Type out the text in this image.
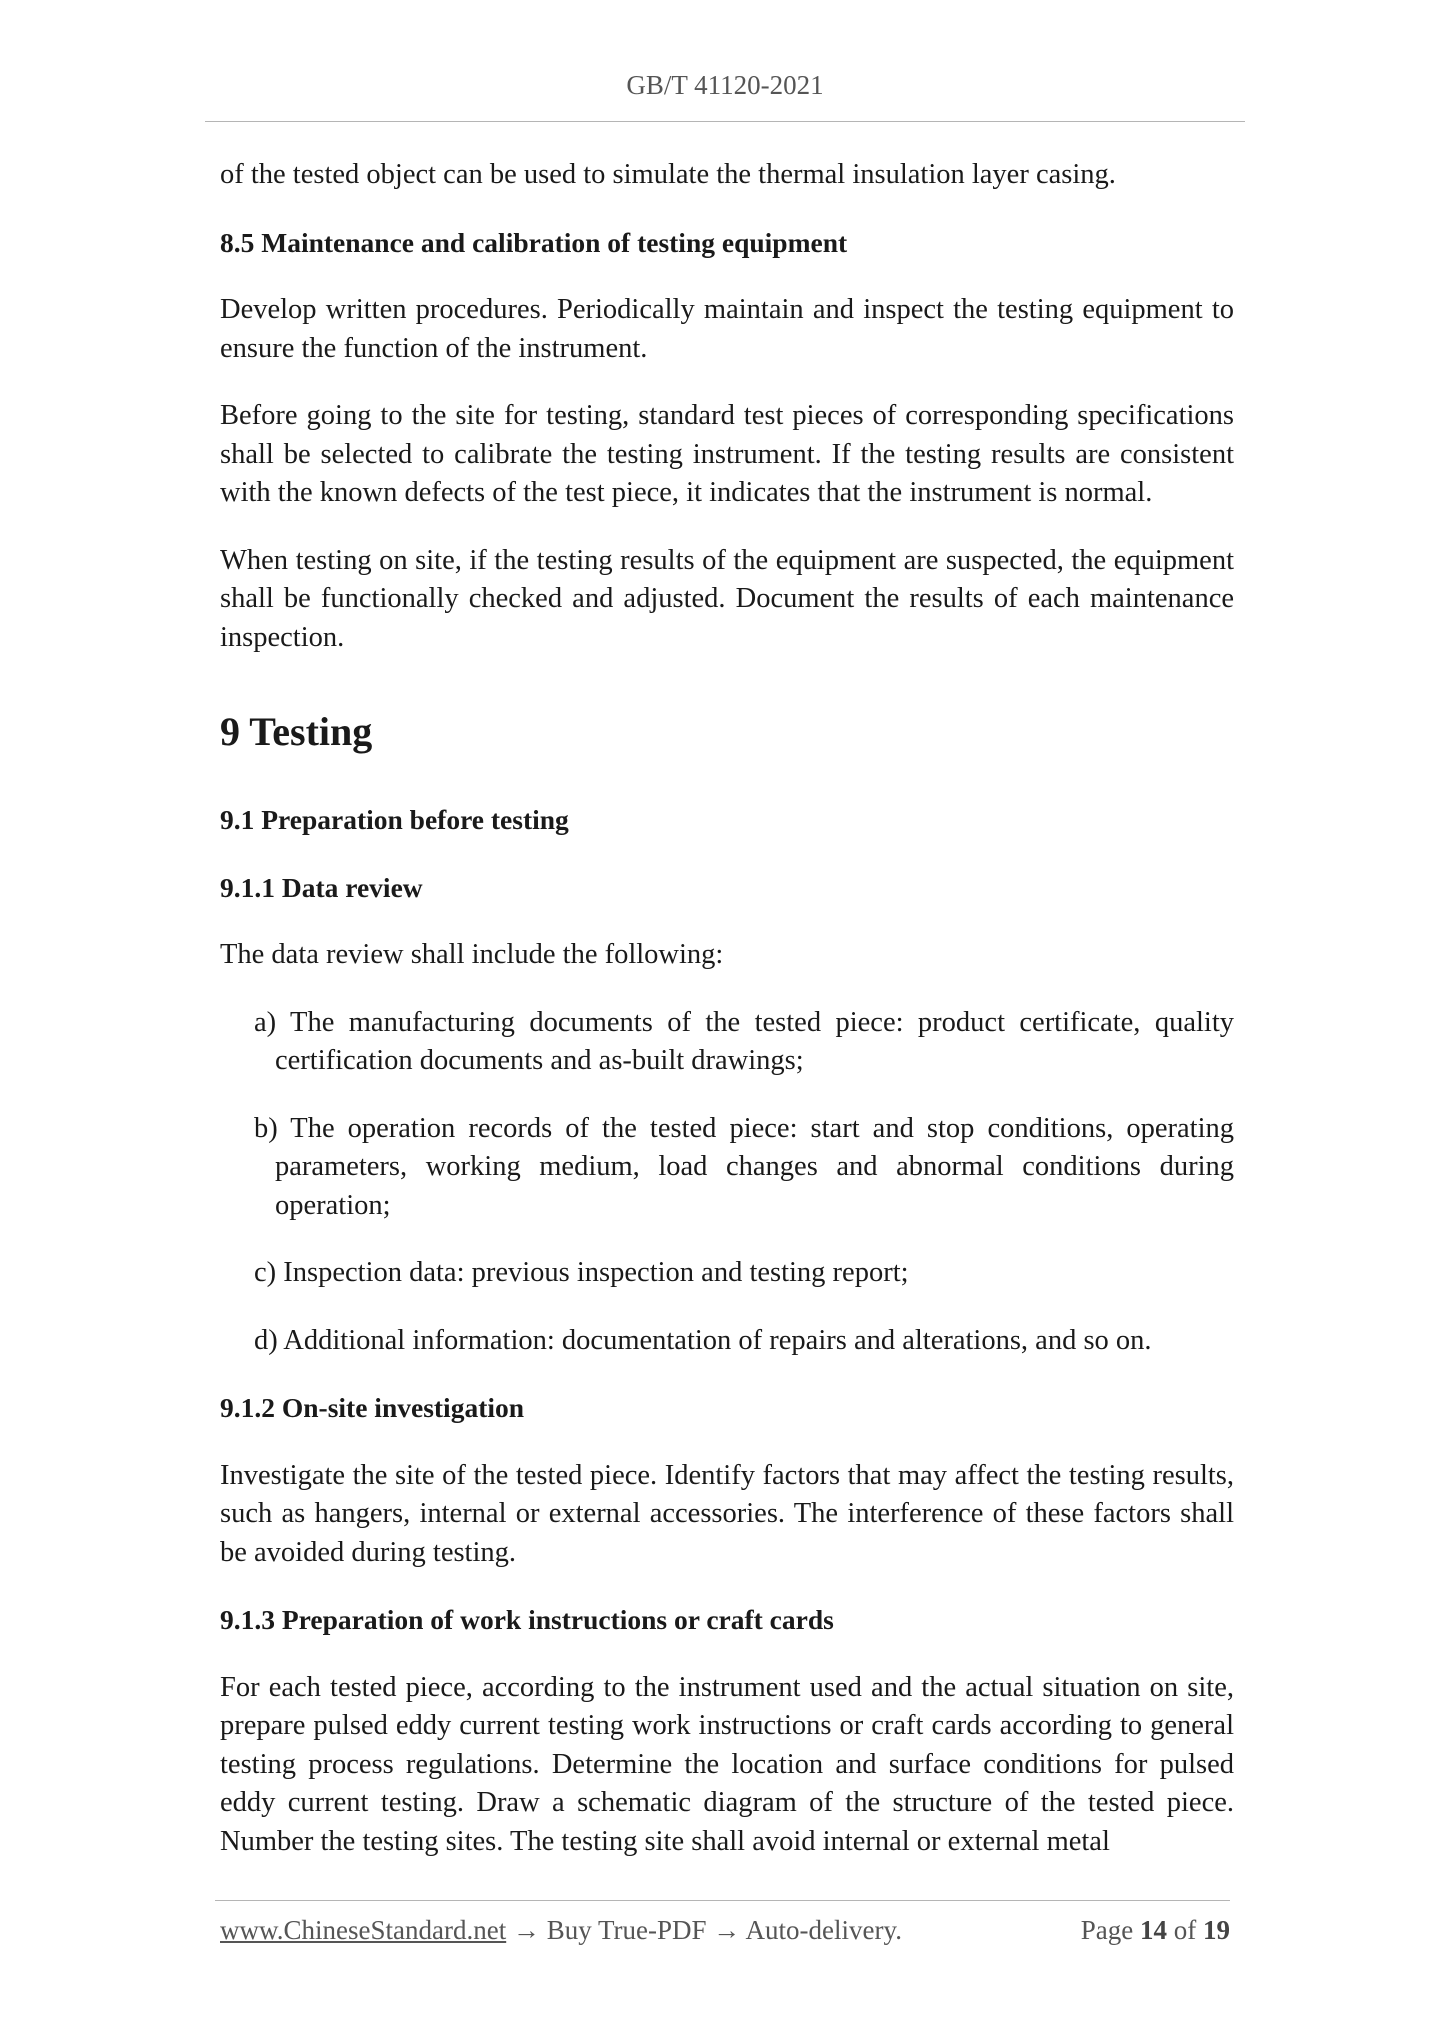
GB/T 41120-2021

of the tested object can be used to simulate the thermal insulation layer casing.

8.5 Maintenance and calibration of testing equipment

Develop written procedures. Periodically maintain and inspect the testing equipment to ensure the function of the instrument.

Before going to the site for testing, standard test pieces of corresponding specifications shall be selected to calibrate the testing instrument. If the testing results are consistent with the known defects of the test piece, it indicates that the instrument is normal.

When testing on site, if the testing results of the equipment are suspected, the equipment shall be functionally checked and adjusted. Document the results of each maintenance inspection.

9 Testing
9.1 Preparation before testing
9.1.1 Data review

The data review shall include the following:

a) The manufacturing documents of the tested piece: product certificate, quality certification documents and as-built drawings;
b) The operation records of the tested piece: start and stop conditions, operating parameters, working medium, load changes and abnormal conditions during operation;
c) Inspection data: previous inspection and testing report;
d) Additional information: documentation of repairs and alterations, and so on.
9.1.2 On-site investigation

Investigate the site of the tested piece. Identify factors that may affect the testing results, such as hangers, internal or external accessories. The interference of these factors shall be avoided during testing.

9.1.3 Preparation of work instructions or craft cards

For each tested piece, according to the instrument used and the actual situation on site, prepare pulsed eddy current testing work instructions or craft cards according to general testing process regulations. Determine the location and surface conditions for pulsed eddy current testing. Draw a schematic diagram of the structure of the tested piece. Number the testing sites. The testing site shall avoid internal or external metal

www.ChineseStandard.net → Buy True-PDF → Auto-delivery.	Page 14 of 19
